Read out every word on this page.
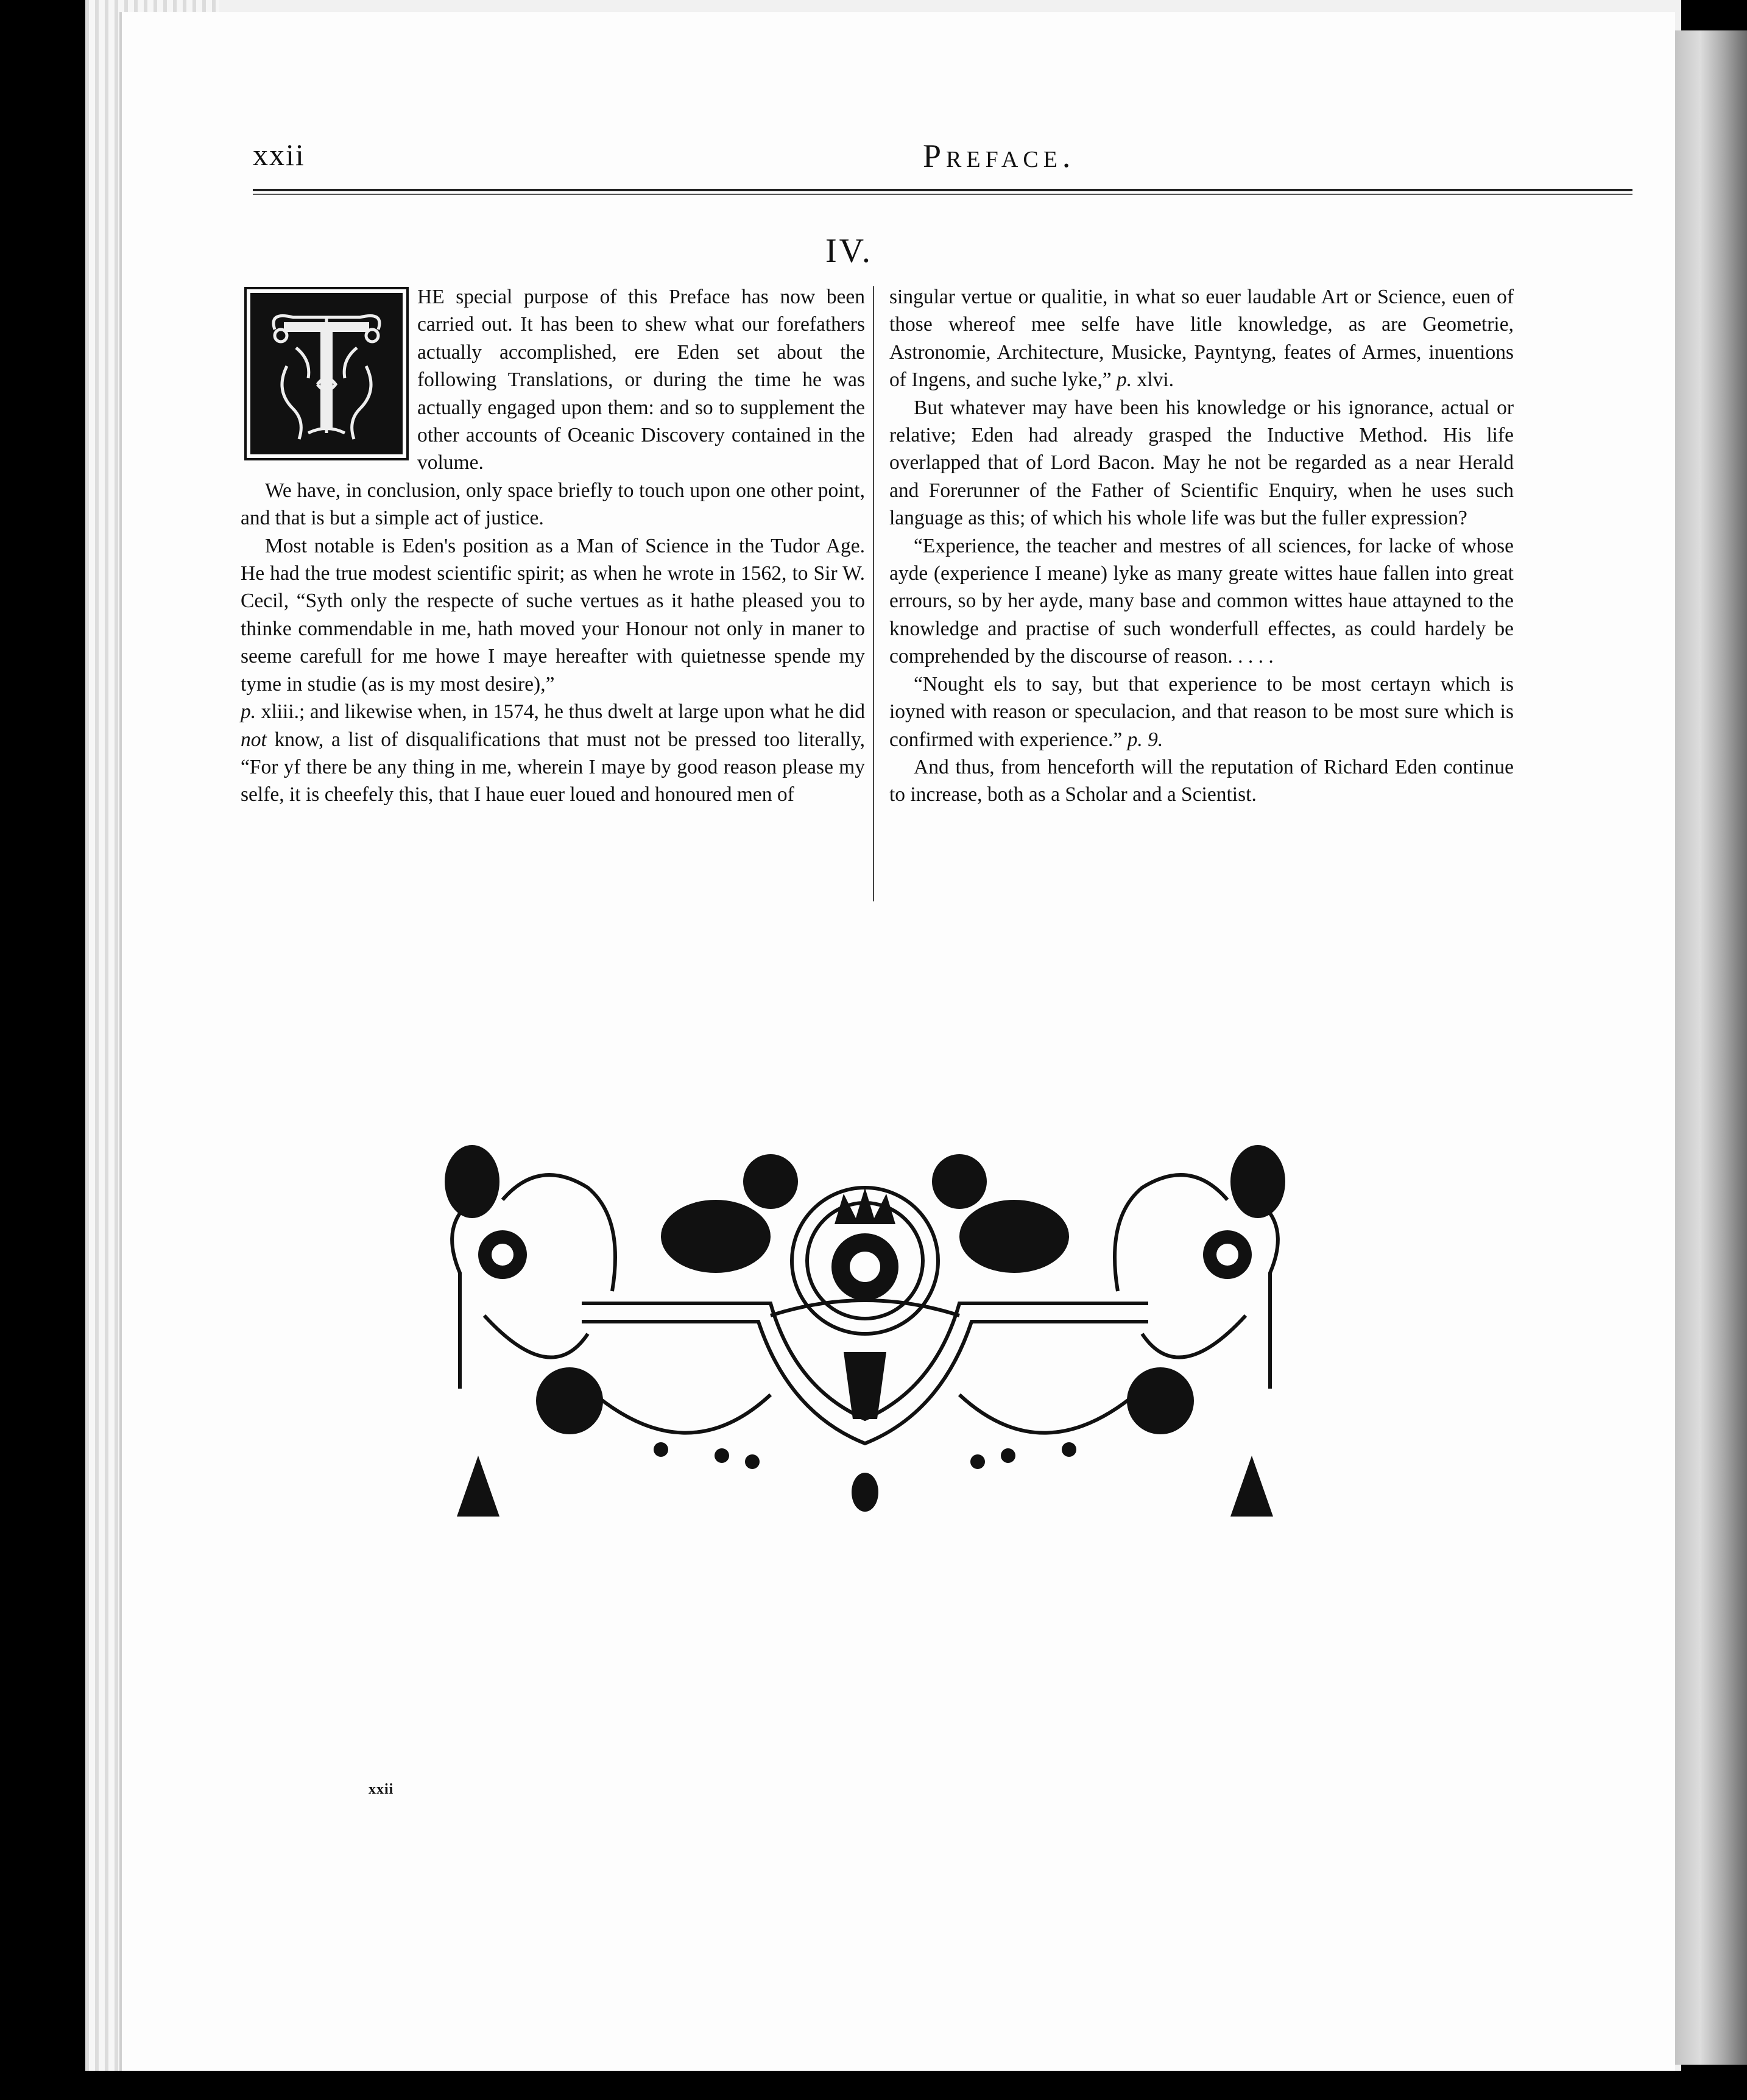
xxii	Preface.
IV.

HE special purpose of this Preface has now been carried out. It has been to shew what our forefathers actually accomplished, ere Eden set about the following Translations, or during the time he was actually engaged upon them: and so to supplement the other accounts of Oceanic Discovery contained in the volume.

We have, in conclusion, only space briefly to touch upon one other point, and that is but a simple act of justice.

Most notable is Eden's position as a Man of Science in the Tudor Age. He had the true modest scientific spirit; as when he wrote in 1562, to Sir W. Cecil, “Syth only the respecte of suche vertues as it hathe pleased you to thinke commendable in me, hath moved your Honour not only in maner to seeme carefull for me howe I maye hereafter with quietnesse spende my tyme in studie (as is my most desire),”
p. xliii.; and likewise when, in 1574, he thus dwelt at large upon what he did not know, a list of disqualifications that must not be pressed too literally, “For yf there be any thing in me, wherein I maye by good reason please my selfe, it is cheefely this, that I haue euer loued and honoured men of

singular vertue or qualitie, in what so euer laudable Art or Science, euen of those whereof mee selfe have litle knowledge, as are Geometrie, Astronomie, Architecture, Musicke, Payntyng, feates of Armes, inuentions of Ingens, and suche lyke,” p. xlvi.

But whatever may have been his knowledge or his ignorance, actual or relative; Eden had already grasped the Inductive Method. His life overlapped that of Lord Bacon. May he not be regarded as a near Herald and Forerunner of the Father of Scientific Enquiry, when he uses such language as this; of which his whole life was but the fuller expression?

“Experience, the teacher and mestres of all sciences, for lacke of whose ayde (experience I meane) lyke as many greate wittes haue fallen into great errours, so by her ayde, many base and common wittes haue attayned to the knowledge and practise of such wonderfull effectes, as could hardely be comprehended by the discourse of reason. . . . .

“Nought els to say, but that experience to be most certayn which is ioyned with reason or speculacion, and that reason to be most sure which is confirmed with experience.” p. 9.

And thus, from henceforth will the reputation of Richard Eden continue to increase, both as a Scholar and a Scientist.

xxii
